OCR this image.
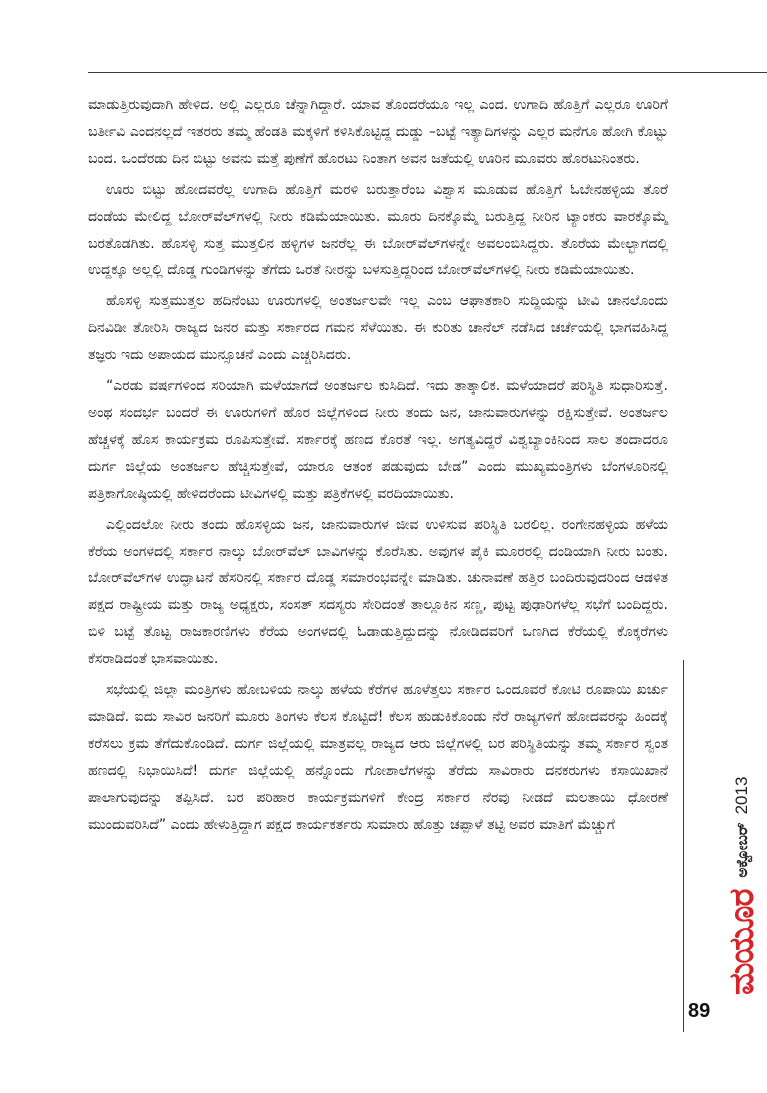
ಮಾಡುತ್ತಿರುವುದಾಗಿ ಹೇಳಿದ. ಅಲ್ಲಿ ಎಲ್ಲರೂ ಚೆನ್ನಾಗಿದ್ದಾರೆ. ಯಾವ ತೊಂದರೆಯೂ ಇಲ್ಲ ಎಂದ. ಉಗಾದಿ ಹೊತ್ತಿಗೆ ಎಲ್ಲರೂ ಊರಿಗೆ ಬರ್ತೀವಿ ಎಂದನಲ್ಲದೆ ಇತರರು ತಮ್ಮ ಹೆಂಡತಿ ಮಕ್ಕಳಿಗೆ ಕಳಿಸಿಕೊಟ್ಟಿದ್ದ ದುಡ್ಡು –ಬಟ್ಟೆ ಇತ್ಯಾದಿಗಳನ್ನು ಎಲ್ಲರ ಮನೆಗೂ ಹೋಗಿ ಕೊಟ್ಟು ಬಂದ. ಒಂದೆರಡು ದಿನ ಬಿಟ್ಟು ಅವನು ಮತ್ತೆ ಪುಣೆಗೆ ಹೊರಟು ನಿಂತಾಗ ಅವನ ಜತೆಯಲ್ಲಿ ಊರಿನ ಮೂವರು ಹೊರಟುನಿಂತರು.

ಊರು ಬಿಟ್ಟು ಹೋದವರೆಲ್ಲ ಉಗಾದಿ ಹೊತ್ತಿಗೆ ಮರಳಿ ಬರುತ್ತಾರೆಂಬ ವಿಶ್ವಾಸ ಮೂಡುವ ಹೊತ್ತಿಗೆ ಓಬೇನಹಳ್ಳಿಯ ತೊರೆ ದಂಡೆಯ ಮೇಲಿದ್ದ ಬೋರ್‌ವೆಲ್‌ಗಳಲ್ಲಿ ನೀರು ಕಡಿಮೆಯಾಯಿತು. ಮೂರು ದಿನಕ್ಕೊಮ್ಮೆ ಬರುತ್ತಿದ್ದ ನೀರಿನ ಟ್ಯಾಂಕರು ವಾರಕ್ಕೊಮ್ಮೆ ಬರತೊಡಗಿತು. ಹೊಸಳ್ಳಿ ಸುತ್ತ ಮುತ್ತಲಿನ ಹಳ್ಳಿಗಳ ಜನರೆಲ್ಲ ಈ ಬೋರ್‌ವೆಲ್‌ಗಳನ್ನೇ ಅವಲಂಬಿಸಿದ್ದರು. ತೊರೆಯ ಮೇಲ್ಭಾಗದಲ್ಲಿ ಉದ್ದಕ್ಕೂ ಅಲ್ಲಲ್ಲಿ ದೊಡ್ಡ ಗುಂಡಿಗಳನ್ನು ತೆಗೆದು ಒರತೆ ನೀರನ್ನು ಬಳಸುತ್ತಿದ್ದರಿಂದ ಬೋರ್‌ವೆಲ್‌ಗಳಲ್ಲಿ ನೀರು ಕಡಿಮೆಯಾಯಿತು.

ಹೊಸಳ್ಳಿ ಸುತ್ತಮುತ್ತಲ ಹದಿನೆಂಟು ಊರುಗಳಲ್ಲಿ ಅಂತರ್ಜಲವೇ ಇಲ್ಲ ಎಂಬ ಆಘಾತಕಾರಿ ಸುದ್ದಿಯನ್ನು ಟೀವಿ ಚಾನಲೊಂದು ದಿನವಿಡೀ ತೋರಿಸಿ ರಾಜ್ಯದ ಜನರ ಮತ್ತು ಸರ್ಕಾರದ ಗಮನ ಸೆಳೆಯಿತು. ಈ ಕುರಿತು ಚಾನೆಲ್ ನಡೆಸಿದ ಚರ್ಚೆಯಲ್ಲಿ ಭಾಗವಹಿಸಿದ್ದ ತಜ್ಞರು ಇದು ಅಪಾಯದ ಮುನ್ಸೂಚನೆ ಎಂದು ಎಚ್ಚರಿಸಿದರು.

“ಎರಡು ವರ್ಷಗಳಿಂದ ಸರಿಯಾಗಿ ಮಳೆಯಾಗದೆ ಅಂತರ್ಜಲ ಕುಸಿದಿದೆ. ಇದು ತಾತ್ಕಾಲಿಕ. ಮಳೆಯಾದರೆ ಪರಿಸ್ಥಿತಿ ಸುಧಾರಿಸುತ್ತೆ. ಅಂಥ ಸಂದರ್ಭ ಬಂದರೆ ಈ ಊರುಗಳಿಗೆ ಹೊರ ಜಿಲ್ಲೆಗಳಿಂದ ನೀರು ತಂದು ಜನ, ಜಾನುವಾರುಗಳನ್ನು ರಕ್ಷಿಸುತ್ತೇವೆ. ಅಂತರ್ಜಲ ಹೆಚ್ಚಳಕ್ಕೆ ಹೊಸ ಕಾರ್ಯಕ್ರಮ ರೂಪಿಸುತ್ತೇವೆ. ಸರ್ಕಾರಕ್ಕೆ ಹಣದ ಕೊರತೆ ಇಲ್ಲ. ಅಗತ್ಯವಿದ್ದರೆ ವಿಶ್ವಬ್ಯಾಂಕಿನಿಂದ ಸಾಲ ತಂದಾದರೂ ದುರ್ಗ ಜಿಲ್ಲೆಯ ಅಂತರ್ಜಲ ಹೆಚ್ಚಿಸುತ್ತೇವೆ, ಯಾರೂ ಆತಂಕ ಪಡುವುದು ಬೇಡ” ಎಂದು ಮುಖ್ಯಮಂತ್ರಿಗಳು ಬೆಂಗಳೂರಿನಲ್ಲಿ ಪತ್ರಿಕಾಗೋಷ್ಠಿಯಲ್ಲಿ ಹೇಳಿದರೆಂದು ಟೀವಿಗಳಲ್ಲಿ ಮತ್ತು ಪತ್ರಿಕೆಗಳಲ್ಲಿ ವರದಿಯಾಯಿತು.

ಎಲ್ಲಿಂದಲೋ ನೀರು ತಂದು ಹೊಸಳ್ಳಿಯ ಜನ, ಜಾನುವಾರುಗಳ ಜೀವ ಉಳಿಸುವ ಪರಿಸ್ಥಿತಿ ಬರಲಿಲ್ಲ. ರಂಗೇನಹಳ್ಳಿಯ ಹಳೆಯ ಕೆರೆಯ ಅಂಗಳದಲ್ಲಿ ಸರ್ಕಾರ ನಾಲ್ಕು ಬೋರ್‌ವೆಲ್ ಬಾವಿಗಳನ್ನು ಕೊರೆಸಿತು. ಅವುಗಳ ಪೈಕಿ ಮೂರರಲ್ಲಿ ದಂಡಿಯಾಗಿ ನೀರು ಬಂತು. ಬೋರ್‌ವೆಲ್‌ಗಳ ಉದ್ಘಾಟನೆ ಹೆಸರಿನಲ್ಲಿ ಸರ್ಕಾರ ದೊಡ್ಡ ಸಮಾರಂಭವನ್ನೇ ಮಾಡಿತು. ಚುನಾವಣೆ ಹತ್ತಿರ ಬಂದಿರುವುದರಿಂದ ಆಡಳಿತ ಪಕ್ಷದ ರಾಷ್ಟ್ರೀಯ ಮತ್ತು ರಾಜ್ಯ ಅಧ್ಯಕ್ಷರು, ಸಂಸತ್ ಸದಸ್ಯರು ಸೇರಿದಂತೆ ತಾಲ್ಲೂಕಿನ ಸಣ್ಣ, ಪುಟ್ಟ ಪುಢಾರಿಗಳೆಲ್ಲ ಸಭೆಗೆ ಬಂದಿದ್ದರು. ಬಿಳಿ ಬಟ್ಟೆ ತೊಟ್ಟ ರಾಜಕಾರಣಿಗಳು ಕೆರೆಯ ಅಂಗಳದಲ್ಲಿ ಓಡಾಡುತ್ತಿದ್ದುದನ್ನು ನೋಡಿದವರಿಗೆ ಒಣಗಿದ ಕೆರೆಯಲ್ಲಿ ಕೊಕ್ಕರೆಗಳು ಕೆಸರಾಡಿದಂತೆ ಭಾಸವಾಯಿತು.

ಸಭೆಯಲ್ಲಿ ಜಿಲ್ಲಾ ಮಂತ್ರಿಗಳು ಹೋಬಳಿಯ ನಾಲ್ಕು ಹಳೆಯ ಕೆರೆಗಳ ಹೂಳೆತ್ತಲು ಸರ್ಕಾರ ಒಂದೂವರೆ ಕೋಟಿ ರೂಪಾಯಿ ಖರ್ಚು ಮಾಡಿದೆ. ಐದು ಸಾವಿರ ಜನರಿಗೆ ಮೂರು ತಿಂಗಳು ಕೆಲಸ ಕೊಟ್ಟಿದೆ! ಕೆಲಸ ಹುಡುಕಿಕೊಂಡು ನೆರೆ ರಾಜ್ಯಗಳಿಗೆ ಹೋದವರನ್ನು ಹಿಂದಕ್ಕೆ ಕರೆಸಲು ಕ್ರಮ ತೆಗೆದುಕೊಂಡಿದೆ. ದುರ್ಗ ಜಿಲ್ಲೆಯಲ್ಲಿ ಮಾತ್ರವಲ್ಲ ರಾಜ್ಯದ ಆರು ಜಿಲ್ಲೆಗಳಲ್ಲಿ ಬರ ಪರಿಸ್ಥಿತಿಯನ್ನು ತಮ್ಮ ಸರ್ಕಾರ ಸ್ವಂತ ಹಣದಲ್ಲಿ ನಿಭಾಯಿಸಿದೆ! ದುರ್ಗ ಜಿಲ್ಲೆಯಲ್ಲಿ ಹನ್ನೊಂದು ಗೋಶಾಲೆಗಳನ್ನು ತೆರೆದು ಸಾವಿರಾರು ದನಕರುಗಳು ಕಸಾಯಿಖಾನೆ ಪಾಲಾಗುವುದನ್ನು ತಪ್ಪಿಸಿದೆ. ಬರ ಪರಿಹಾರ ಕಾರ್ಯಕ್ರಮಗಳಿಗೆ ಕೇಂದ್ರ ಸರ್ಕಾರ ನೆರವು ನೀಡದೆ ಮಲತಾಯಿ ಧೋರಣೆ ಮುಂದುವರಿಸಿದೆ” ಎಂದು ಹೇಳುತ್ತಿದ್ದಾಗ ಪಕ್ಷದ ಕಾರ್ಯಕರ್ತರು ಸುಮಾರು ಹೊತ್ತು ಚಪ್ಪಾಳೆ ತಟ್ಟಿ ಅವರ ಮಾತಿಗೆ ಮೆಚ್ಚುಗೆ

ಮಯೂರ
ಅಕ್ಟೋಬರ್
2013
89
